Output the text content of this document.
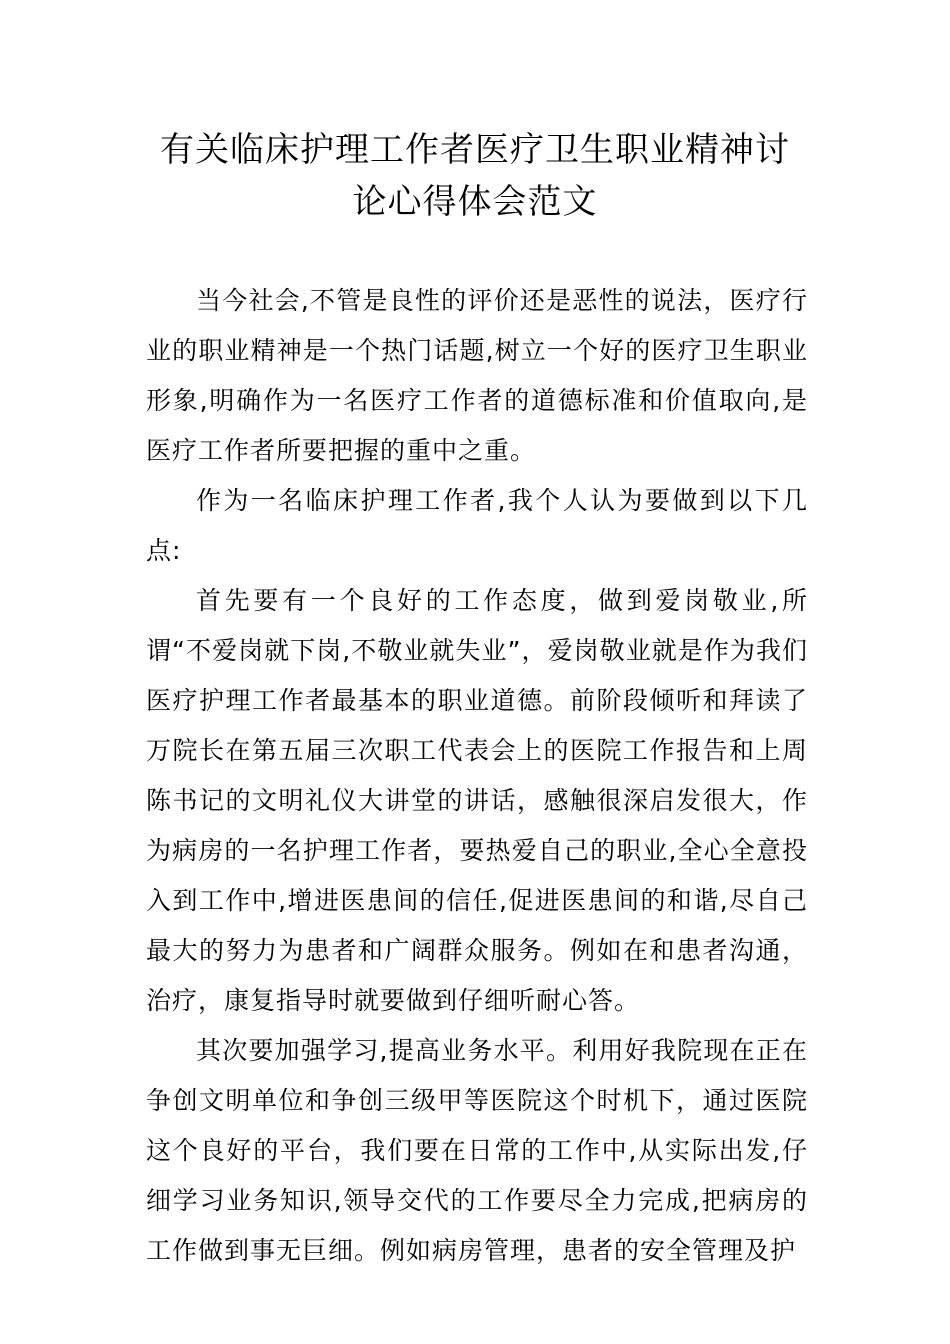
有关临床护理工作者医疗卫生职业精神讨
论心得体会范文

当今社会,不管是良性的评价还是恶性的说法，医疗行业的职业精神是一个热门话题,树立一个好的医疗卫生职业形象,明确作为一名医疗工作者的道德标准和价值取向,是医疗工作者所要把握的重中之重。

作为一名临床护理工作者,我个人认为要做到以下几点:

首先要有一个良好的工作态度，做到爱岗敬业,所谓“不爱岗就下岗,不敬业就失业”，爱岗敬业就是作为我们医疗护理工作者最基本的职业道德。前阶段倾听和拜读了万院长在第五届三次职工代表会上的医院工作报告和上周陈书记的文明礼仪大讲堂的讲话，感触很深启发很大，作为病房的一名护理工作者，要热爱自己的职业,全心全意投入到工作中,增进医患间的信任,促进医患间的和谐,尽自己最大的努力为患者和广阔群众服务。例如在和患者沟通，治疗，康复指导时就要做到仔细听耐心答。

其次要加强学习,提高业务水平。利用好我院现在正在争创文明单位和争创三级甲等医院这个时机下，通过医院这个良好的平台，我们要在日常的工作中,从实际出发,仔细学习业务知识,领导交代的工作要尽全力完成,把病房的工作做到事无巨细。例如病房管理，患者的安全管理及护
